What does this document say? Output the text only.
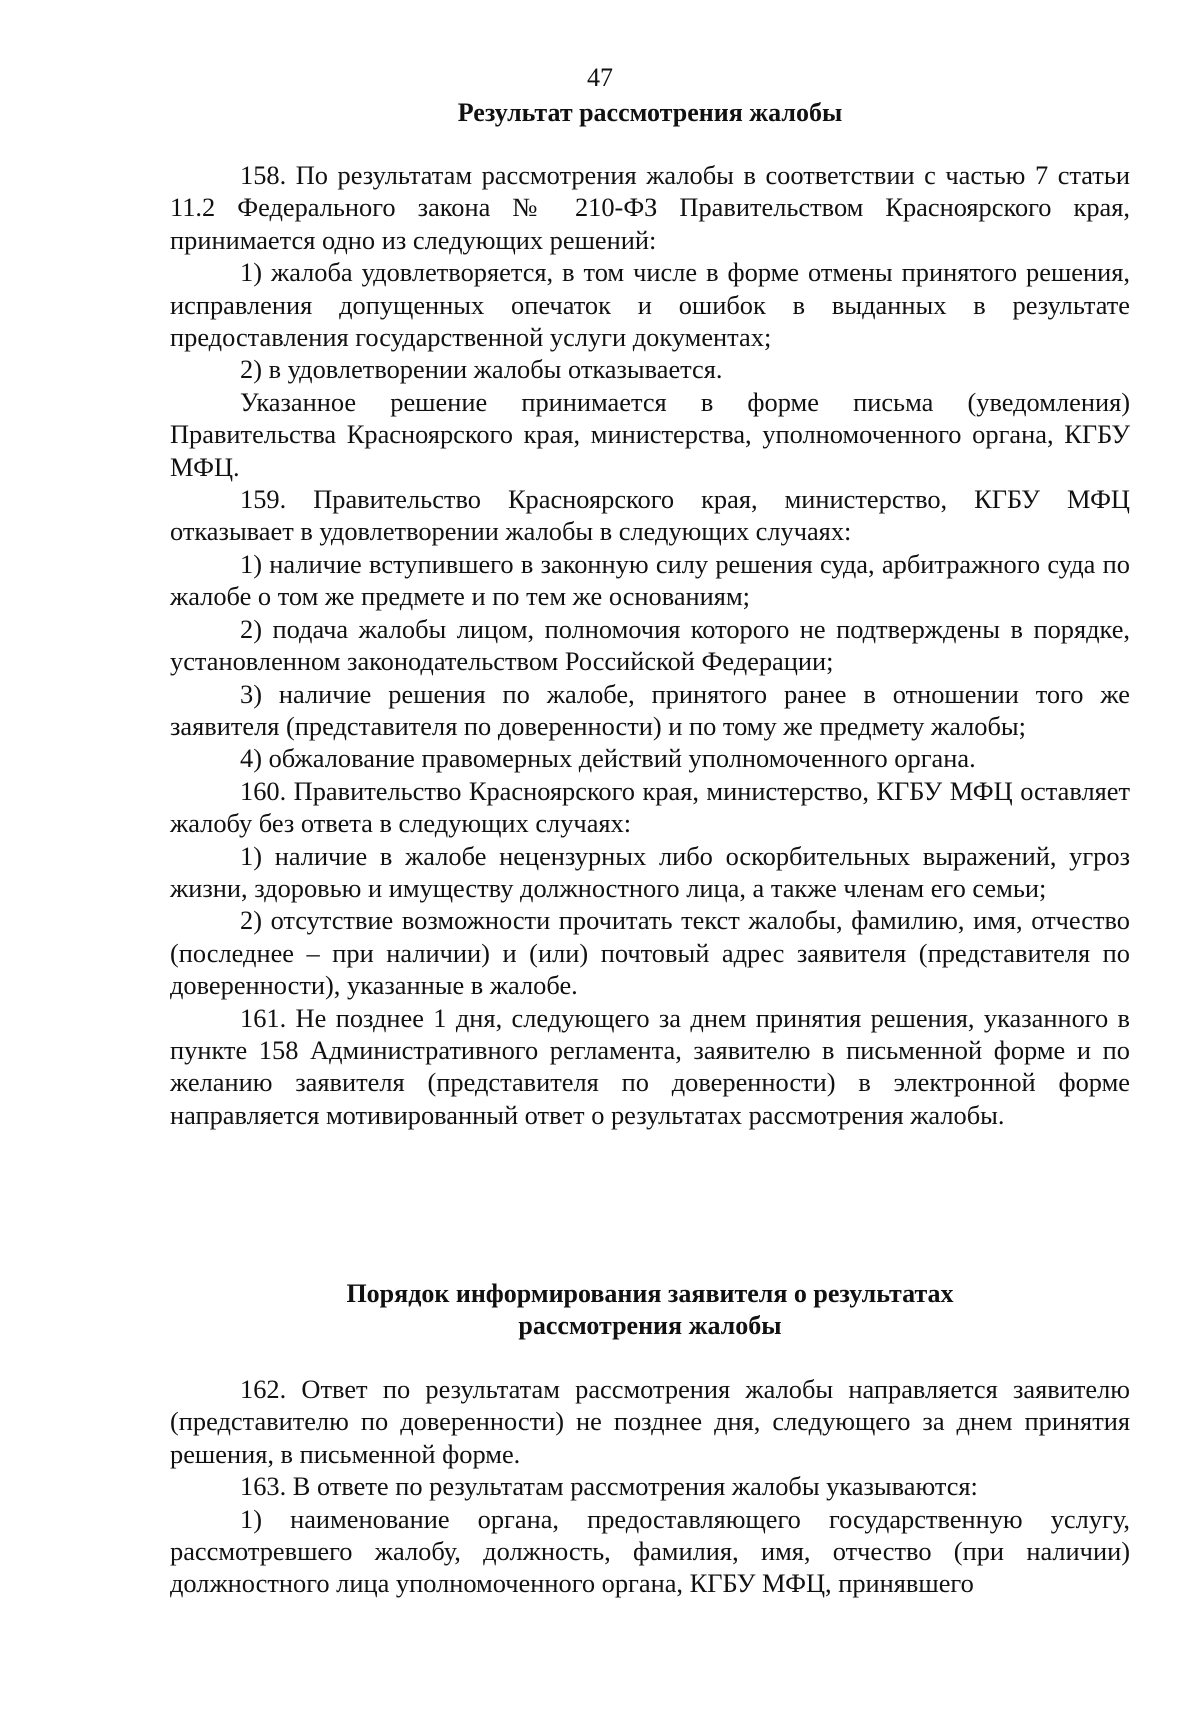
47
Результат рассмотрения жалобы

158. По результатам рассмотрения жалобы в соответствии с частью 7 статьи 11.2 Федерального закона № 210-ФЗ Правительством Красноярского края, принимается одно из следующих решений:

1) жалоба удовлетворяется, в том числе в форме отмены принятого решения, исправления допущенных опечаток и ошибок в выданных в результате предоставления государственной услуги документах;

2) в удовлетворении жалобы отказывается.

Указанное решение принимается в форме письма (уведомления) Правительства Красноярского края, министерства, уполномоченного органа, КГБУ МФЦ.

159. Правительство Красноярского края, министерство, КГБУ МФЦ отказывает в удовлетворении жалобы в следующих случаях:

1) наличие вступившего в законную силу решения суда, арбитражного суда по жалобе о том же предмете и по тем же основаниям;

2) подача жалобы лицом, полномочия которого не подтверждены в порядке, установленном законодательством Российской Федерации;

3) наличие решения по жалобе, принятого ранее в отношении того же заявителя (представителя по доверенности) и по тому же предмету жалобы;

4) обжалование правомерных действий уполномоченного органа.

160. Правительство Красноярского края, министерство, КГБУ МФЦ оставляет жалобу без ответа в следующих случаях:

1) наличие в жалобе нецензурных либо оскорбительных выражений, угроз жизни, здоровью и имуществу должностного лица, а также членам его семьи;

2) отсутствие возможности прочитать текст жалобы, фамилию, имя, отчество (последнее – при наличии) и (или) почтовый адрес заявителя (представителя по доверенности), указанные в жалобе.

161. Не позднее 1 дня, следующего за днем принятия решения, указанного в пункте 158 Административного регламента, заявителю в письменной форме и по желанию заявителя (представителя по доверенности) в электронной форме направляется мотивированный ответ о результатах рассмотрения жалобы.

Порядок информирования заявителя о результатах
рассмотрения жалобы

162. Ответ по результатам рассмотрения жалобы направляется заявителю (представителю по доверенности) не позднее дня, следующего за днем принятия решения, в письменной форме.

163. В ответе по результатам рассмотрения жалобы указываются:

1) наименование органа, предоставляющего государственную услугу, рассмотревшего жалобу, должность, фамилия, имя, отчество (при наличии) должностного лица уполномоченного органа, КГБУ МФЦ, принявшего
